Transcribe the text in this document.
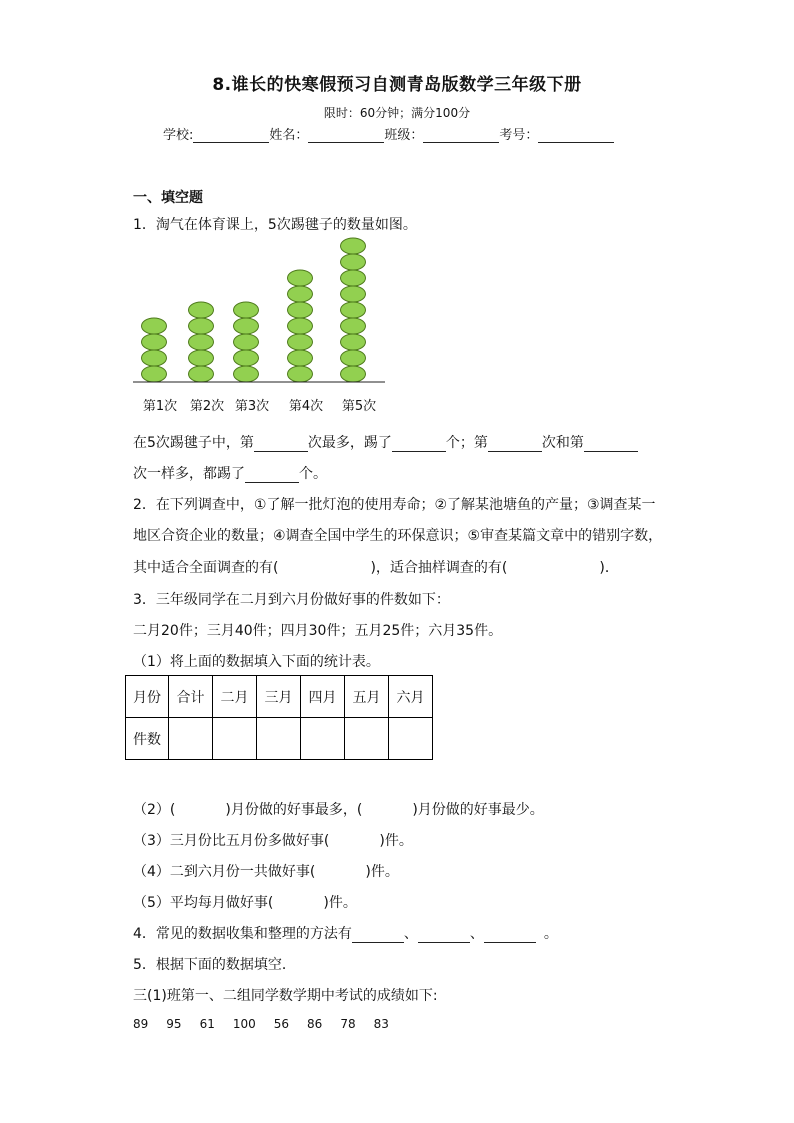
8.谁长的快寒假预习自测青岛版数学三年级下册
限时：60分钟；满分100分
学校:	姓名：	班级：	考号：
一、填空题
1．淘气在体育课上，5次踢毽子的数量如图。
第1次 第2次 第3次 第4次 第5次
在5次踢毽子中，第	次最多，踢了	个；第	次和第
次一样多，都踢了	个。
2．在下列调查中，①了解一批灯泡的使用寿命；②了解某池塘鱼的产量；③调查某一
地区合资企业的数量；④调查全国中学生的环保意识；⑤审查某篇文章中的错别字数，
其中适合全面调查的有(	)，适合抽样调查的有(	)．
3．三年级同学在二月到六月份做好事的件数如下：
二月20件；三月40件；四月30件；五月25件；六月35件。
（1）将上面的数据填入下面的统计表。
月份	合计	二月	三月	四月	五月	六月
件数						
（2）(	)月份做的好事最多，(	)月份做的好事最少。
（3）三月份比五月份多做好事(	)件。
（4）二到六月份一共做好事(	)件。
（5）平均每月做好事(	)件。
4．常见的数据收集和整理的方法有	、	、	。
5．根据下面的数据填空．
三(1)班第一、二组同学数学期中考试的成绩如下:
89 95 61 100 56 86 78 83
